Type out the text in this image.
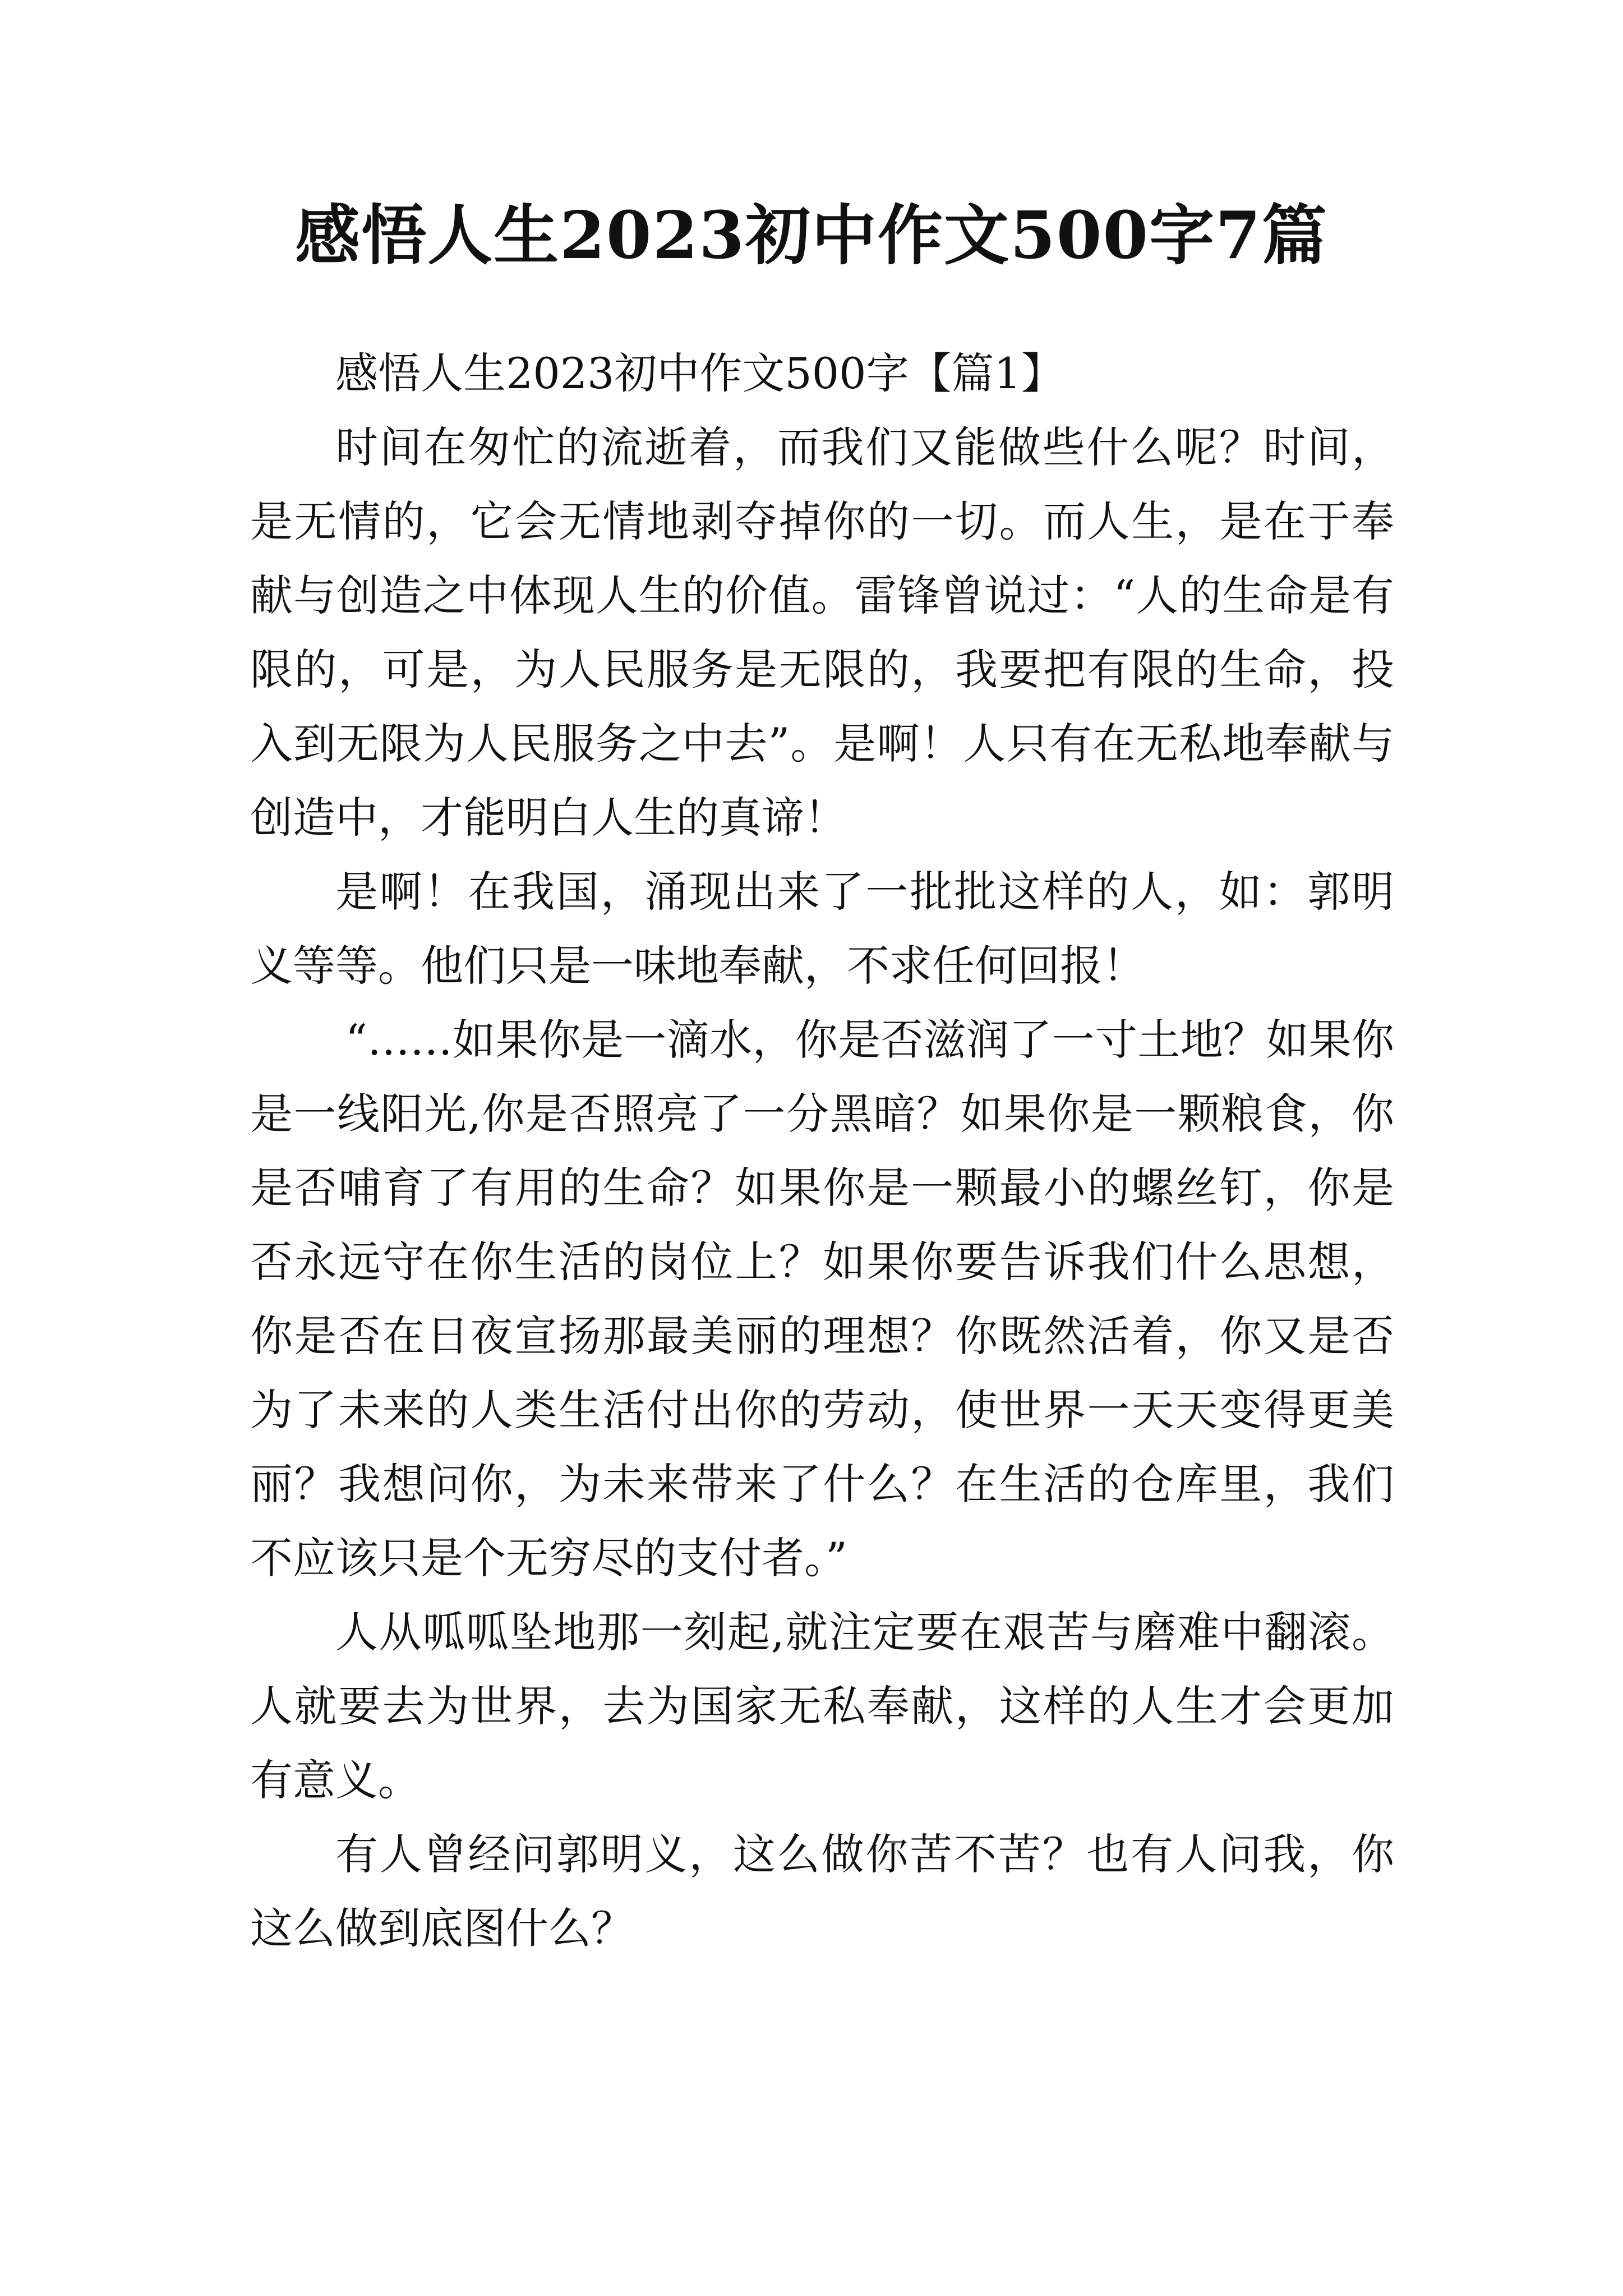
感悟人生2023初中作文500字7篇

感悟人生2023初中作文500字【篇1】

时间在匆忙的流逝着，而我们又能做些什么呢？时间，是无情的，它会无情地剥夺掉你的一切。而人生，是在于奉献与创造之中体现人生的价值。雷锋曾说过：“人的生命是有限的，可是，为人民服务是无限的，我要把有限的生命，投入到无限为人民服务之中去”。是啊！人只有在无私地奉献与创造中，才能明白人生的真谛！

是啊！在我国，涌现出来了一批批这样的人，如：郭明义等等。他们只是一味地奉献，不求任何回报！

“……如果你是一滴水，你是否滋润了一寸土地？如果你是一线阳光,你是否照亮了一分黑暗？如果你是一颗粮食，你是否哺育了有用的生命？如果你是一颗最小的螺丝钉，你是否永远守在你生活的岗位上？如果你要告诉我们什么思想，你是否在日夜宣扬那最美丽的理想？你既然活着，你又是否为了未来的人类生活付出你的劳动，使世界一天天变得更美丽？我想问你，为未来带来了什么？在生活的仓库里，我们不应该只是个无穷尽的支付者。”

人从呱呱坠地那一刻起,就注定要在艰苦与磨难中翻滚。人就要去为世界，去为国家无私奉献，这样的人生才会更加有意义。

有人曾经问郭明义，这么做你苦不苦？也有人问我，你这么做到底图什么？
